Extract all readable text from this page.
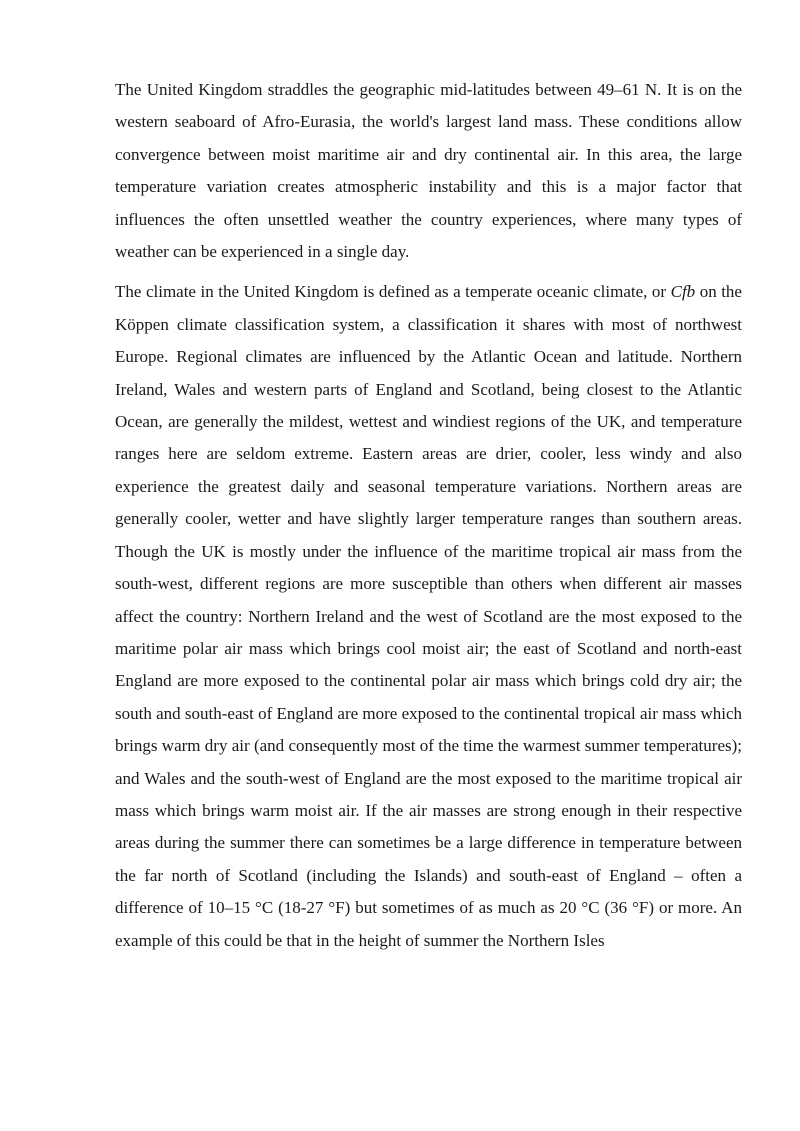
The United Kingdom straddles the geographic mid-latitudes between 49–61 N. It is on the western seaboard of Afro-Eurasia, the world's largest land mass. These conditions allow convergence between moist maritime air and dry continental air. In this area, the large temperature variation creates atmospheric instability and this is a major factor that influences the often unsettled weather the country experiences, where many types of weather can be experienced in a single day.

The climate in the United Kingdom is defined as a temperate oceanic climate, or Cfb on the Köppen climate classification system, a classification it shares with most of northwest Europe. Regional climates are influenced by the Atlantic Ocean and latitude. Northern Ireland, Wales and western parts of England and Scotland, being closest to the Atlantic Ocean, are generally the mildest, wettest and windiest regions of the UK, and temperature ranges here are seldom extreme. Eastern areas are drier, cooler, less windy and also experience the greatest daily and seasonal temperature variations. Northern areas are generally cooler, wetter and have slightly larger temperature ranges than southern areas. Though the UK is mostly under the influence of the maritime tropical air mass from the south-west, different regions are more susceptible than others when different air masses affect the country: Northern Ireland and the west of Scotland are the most exposed to the maritime polar air mass which brings cool moist air; the east of Scotland and north-east England are more exposed to the continental polar air mass which brings cold dry air; the south and south-east of England are more exposed to the continental tropical air mass which brings warm dry air (and consequently most of the time the warmest summer temperatures); and Wales and the south-west of England are the most exposed to the maritime tropical air mass which brings warm moist air. If the air masses are strong enough in their respective areas during the summer there can sometimes be a large difference in temperature between the far north of Scotland (including the Islands) and south-east of England – often a difference of 10–15 °C (18-27 °F) but sometimes of as much as 20 °C (36 °F) or more. An example of this could be that in the height of summer the Northern Isles
